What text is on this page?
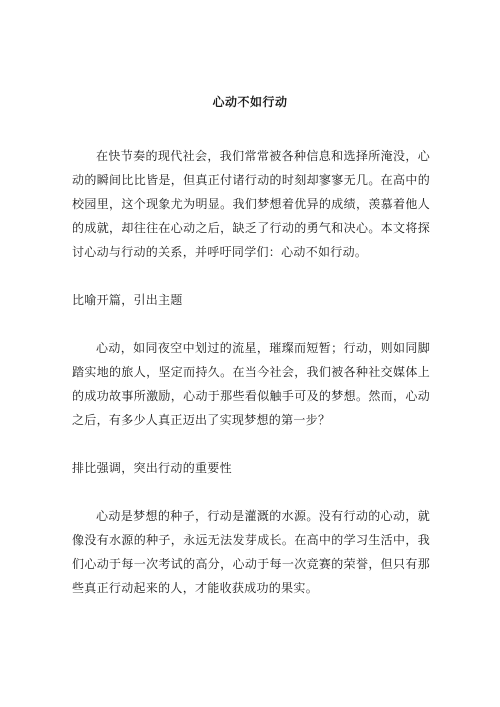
心动不如行动

在快节奏的现代社会，我们常常被各种信息和选择所淹没，心动的瞬间比比皆是，但真正付诸行动的时刻却寥寥无几。在高中的校园里，这个现象尤为明显。我们梦想着优异的成绩，羡慕着他人的成就，却往往在心动之后，缺乏了行动的勇气和决心。本文将探讨心动与行动的关系，并呼吁同学们：心动不如行动。

比喻开篇，引出主题

心动，如同夜空中划过的流星，璀璨而短暂；行动，则如同脚踏实地的旅人，坚定而持久。在当今社会，我们被各种社交媒体上的成功故事所激励，心动于那些看似触手可及的梦想。然而，心动之后，有多少人真正迈出了实现梦想的第一步？

排比强调，突出行动的重要性

心动是梦想的种子，行动是灌溉的水源。没有行动的心动，就像没有水源的种子，永远无法发芽成长。在高中的学习生活中，我们心动于每一次考试的高分，心动于每一次竞赛的荣誉，但只有那些真正行动起来的人，才能收获成功的果实。
